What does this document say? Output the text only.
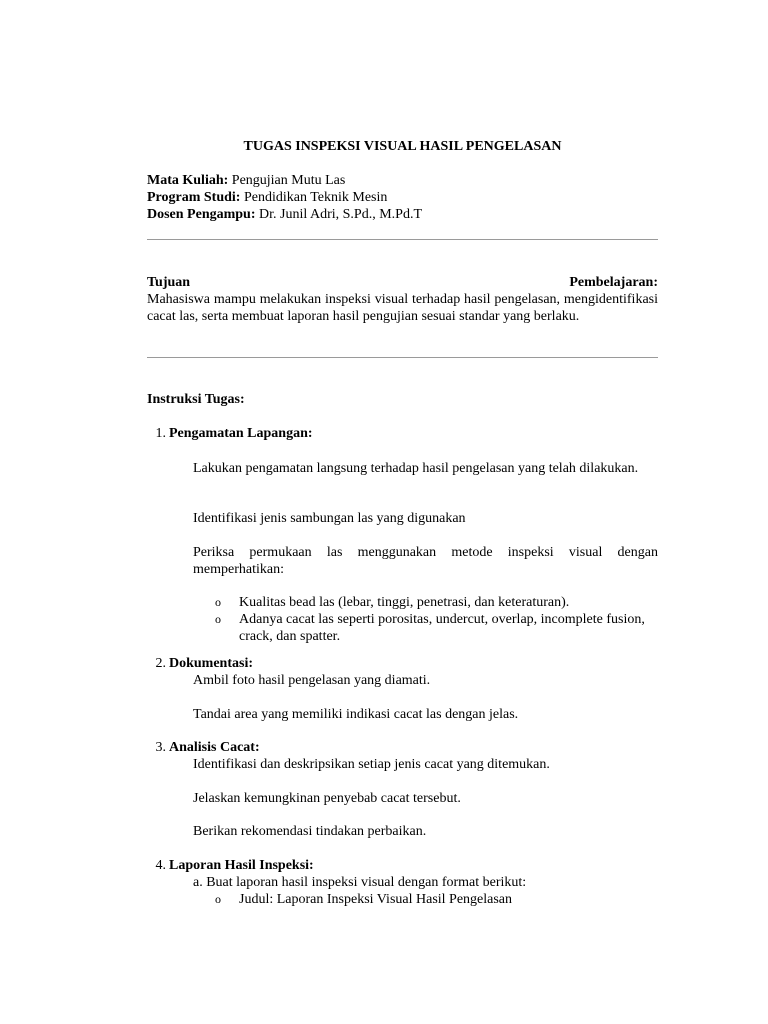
TUGAS INSPEKSI VISUAL HASIL PENGELASAN
Mata Kuliah: Pengujian Mutu Las
Program Studi: Pendidikan Teknik Mesin
Dosen Pengampu: Dr. Junil Adri, S.Pd., M.Pd.T
Tujuan	Pembelajaran:
Mahasiswa mampu melakukan inspeksi visual terhadap hasil pengelasan, mengidentifikasi cacat las, serta membuat laporan hasil pengujian sesuai standar yang berlaku.
Instruksi Tugas:
1. Pengamatan Lapangan:
Lakukan pengamatan langsung terhadap hasil pengelasan yang telah dilakukan.
Identifikasi jenis sambungan las yang digunakan
Periksa permukaan las menggunakan metode inspeksi visual dengan memperhatikan:
o Kualitas bead las (lebar, tinggi, penetrasi, dan keteraturan).
o Adanya cacat las seperti porositas, undercut, overlap, incomplete fusion, crack, dan spatter.
2. Dokumentasi:
Ambil foto hasil pengelasan yang diamati.
Tandai area yang memiliki indikasi cacat las dengan jelas.
3. Analisis Cacat:
Identifikasi dan deskripsikan setiap jenis cacat yang ditemukan.
Jelaskan kemungkinan penyebab cacat tersebut.
Berikan rekomendasi tindakan perbaikan.
4. Laporan Hasil Inspeksi:
a. Buat laporan hasil inspeksi visual dengan format berikut:
o Judul: Laporan Inspeksi Visual Hasil Pengelasan
